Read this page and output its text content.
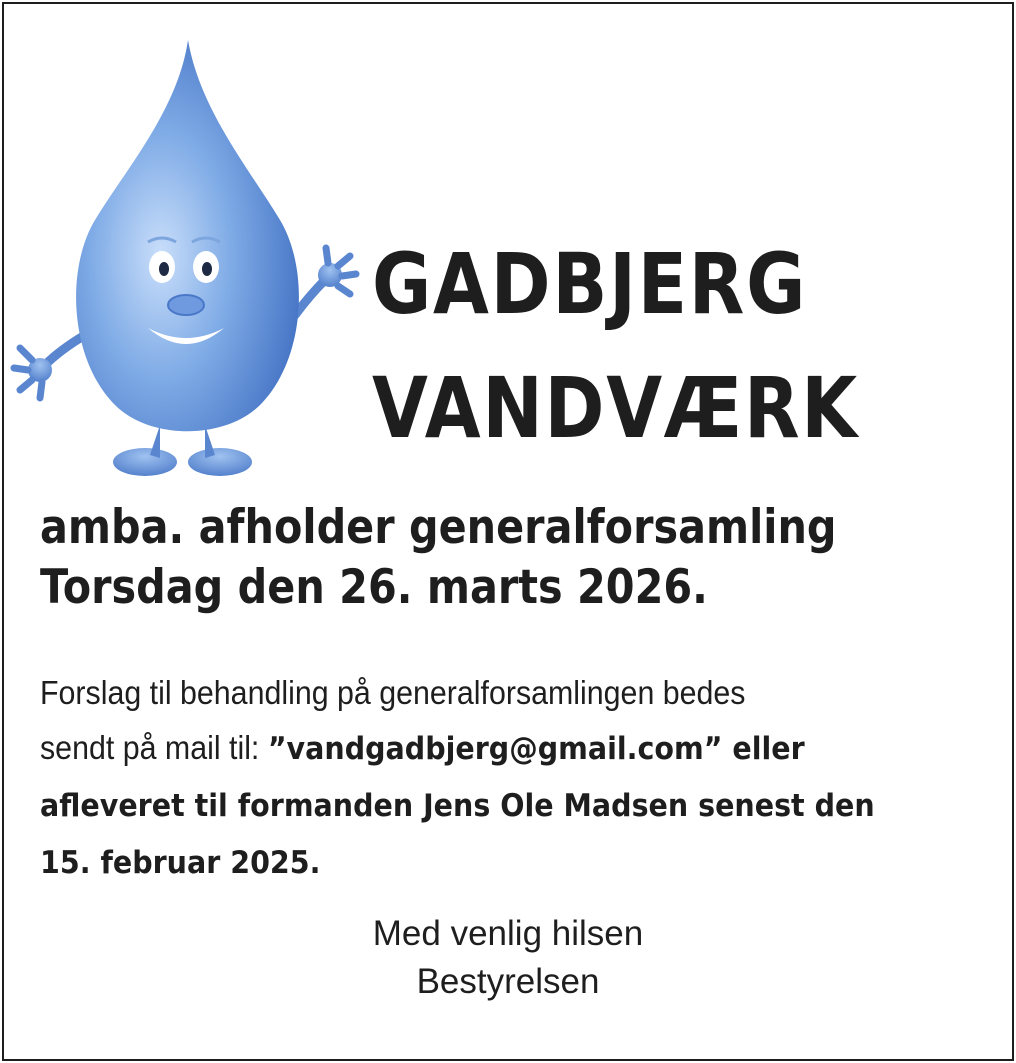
GADBJERG
VANDVÆRK
amba. afholder generalforsamling
Torsdag den 26. marts 2026.
Forslag til behandling på generalforsamlingen bedes
sendt på mail til: ”vandgadbjerg@gmail.com” eller
afleveret til formanden Jens Ole Madsen senest den
15. februar 2025.
Med venlig hilsen
Bestyrelsen
